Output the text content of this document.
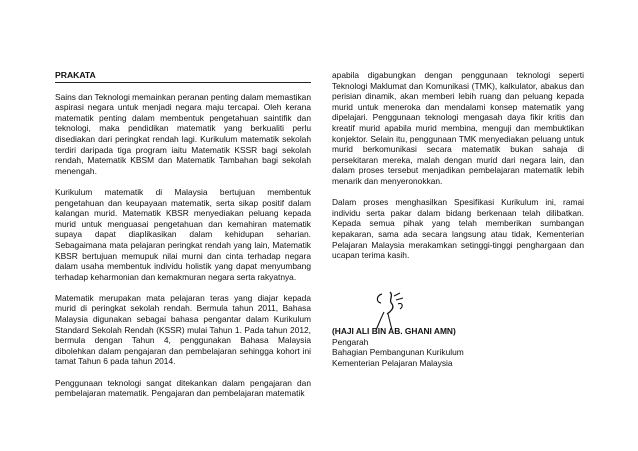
PRAKATA

Sains dan Teknologi memainkan peranan penting dalam memastikan aspirasi negara untuk menjadi negara maju tercapai. Oleh kerana matematik penting dalam membentuk pengetahuan saintifik dan teknologi, maka pendidikan matematik yang berkualiti perlu disediakan dari peringkat rendah lagi. Kurikulum matematik sekolah terdiri daripada tiga program iaitu Matematik KSSR bagi sekolah rendah, Matematik KBSM dan Matematik Tambahan bagi sekolah menengah.

Kurikulum matematik di Malaysia bertujuan membentuk pengetahuan dan keupayaan matematik, serta sikap positif dalam kalangan murid. Matematik KBSR menyediakan peluang kepada murid untuk menguasai pengetahuan dan kemahiran matematik supaya dapat diaplikasikan dalam kehidupan seharian. Sebagaimana mata pelajaran peringkat rendah yang lain, Matematik KBSR bertujuan memupuk nilai murni dan cinta terhadap negara dalam usaha membentuk individu holistik yang dapat menyumbang terhadap keharmonian dan kemakmuran negara serta rakyatnya.

Matematik merupakan mata pelajaran teras yang diajar kepada murid di peringkat sekolah rendah. Bermula tahun 2011, Bahasa Malaysia digunakan sebagai bahasa pengantar dalam Kurikulum Standard Sekolah Rendah (KSSR) mulai Tahun 1. Pada tahun 2012, bermula dengan Tahun 4, penggunakan Bahasa Malaysia dibolehkan dalam pengajaran dan pembelajaran sehingga kohort ini tamat Tahun 6 pada tahun 2014.

Penggunaan teknologi sangat ditekankan dalam pengajaran dan pembelajaran matematik. Pengajaran dan pembelajaran matematik

apabila digabungkan dengan penggunaan teknologi seperti Teknologi Maklumat dan Komunikasi (TMK), kalkulator, abakus dan perisian dinamik, akan memberi lebih ruang dan peluang kepada murid untuk meneroka dan mendalami konsep matematik yang dipelajari. Penggunaan teknologi mengasah daya fikir kritis dan kreatif murid apabila murid membina, menguji dan membuktikan konjektor. Selain itu, penggunaan TMK menyediakan peluang untuk murid berkomunikasi secara matematik bukan sahaja di persekitaran mereka, malah dengan murid dari negara lain, dan dalam proses tersebut menjadikan pembelajaran matematik lebih menarik dan menyeronokkan.

Dalam proses menghasilkan Spesifikasi Kurikulum ini, ramai individu serta pakar dalam bidang berkenaan telah dilibatkan. Kepada semua pihak yang telah memberikan sumbangan kepakaran, sama ada secara langsung atau tidak, Kementerian Pelajaran Malaysia merakamkan setinggi-tinggi penghargaan dan ucapan terima kasih.

(HAJI ALI BIN AB. GHANI AMN)
Pengarah
Bahagian Pembangunan Kurikulum
Kementerian Pelajaran Malaysia
